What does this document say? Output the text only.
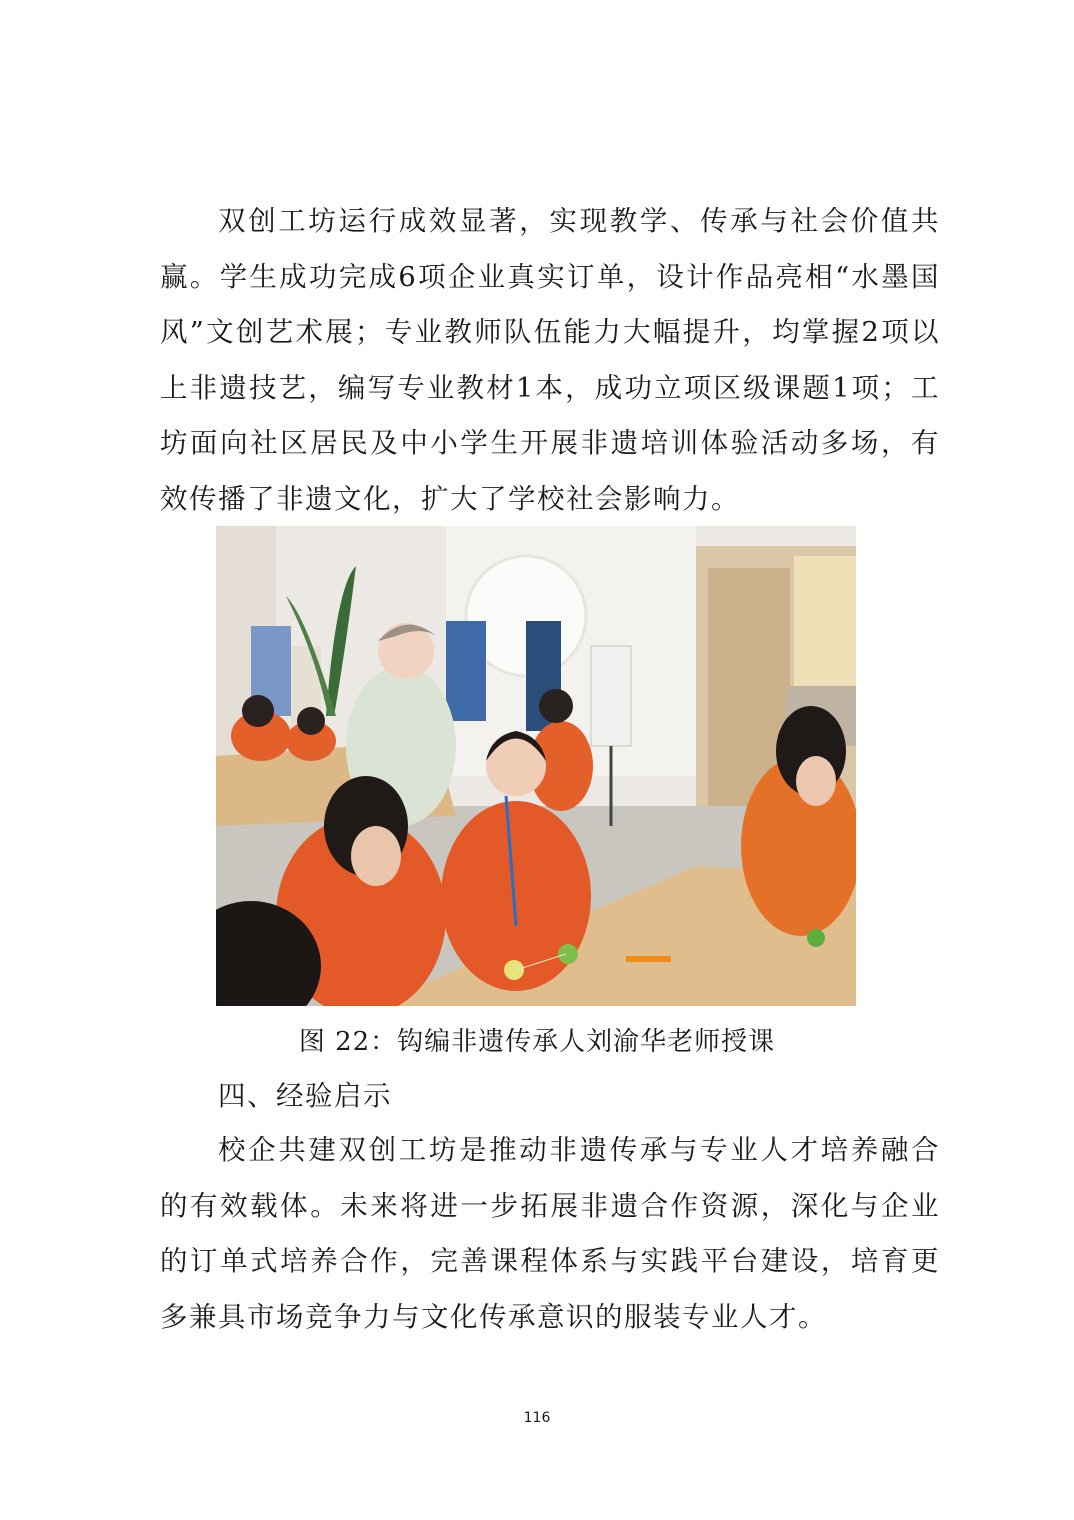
双创工坊运行成效显著，实现教学、传承与社会价值共赢。学生成功完成6项企业真实订单，设计作品亮相“水墨国风”文创艺术展；专业教师队伍能力大幅提升，均掌握2项以上非遗技艺，编写专业教材1本，成功立项区级课题1项；工坊面向社区居民及中小学生开展非遗培训体验活动多场，有效传播了非遗文化，扩大了学校社会影响力。

图 22：钩编非遗传承人刘渝华老师授课
四、经验启示

校企共建双创工坊是推动非遗传承与专业人才培养融合的有效载体。未来将进一步拓展非遗合作资源，深化与企业的订单式培养合作，完善课程体系与实践平台建设，培育更多兼具市场竞争力与文化传承意识的服装专业人才。

116
